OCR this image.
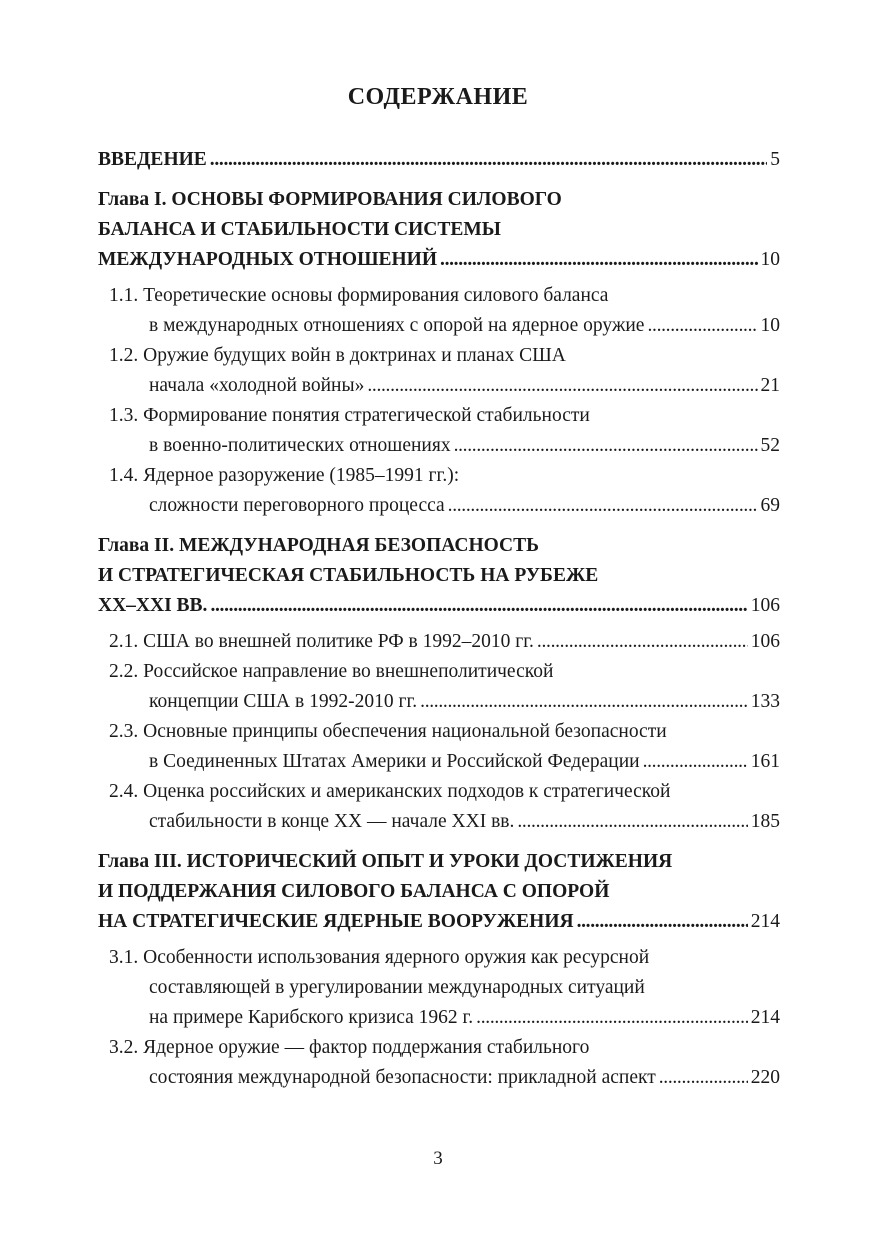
СОДЕРЖАНИЕ
ВВЕДЕНИЕ . . .	5
Глава I. ОСНОВЫ ФОРМИРОВАНИЯ СИЛОВОГО
БАЛАНСА И СТАБИЛЬНОСТИ СИСТЕМЫ
МЕЖДУНАРОДНЫХ ОТНОШЕНИЙ . . .	10
1.1. Теоретические основы формирования силового баланса
в международных отношениях с опорой на ядерное оружие . . .	10
1.2. Оружие будущих войн в доктринах и планах США
начала «холодной войны» . . .	21
1.3. Формирование понятия стратегической стабильности
в военно-политических отношениях . . .	52
1.4. Ядерное разоружение (1985–1991 гг.):
сложности переговорного процесса . . .	69
Глава II. МЕЖДУНАРОДНАЯ БЕЗОПАСНОСТЬ
И СТРАТЕГИЧЕСКАЯ СТАБИЛЬНОСТЬ НА РУБЕЖЕ
XX–XXI ВВ. . . .	106
2.1. США во внешней политике РФ в 1992–2010 гг. . . .	106
2.2. Российское направление во внешнеполитической
концепции США в 1992-2010 гг. . . .	133
2.3. Основные принципы обеспечения национальной безопасности
в Соединенных Штатах Америки и Российской Федерации . . .	161
2.4. Оценка российских и американских подходов к стратегической
стабильности в конце XX — начале XXI вв. . . .	185
Глава III. ИСТОРИЧЕСКИЙ ОПЫТ И УРОКИ ДОСТИЖЕНИЯ
И ПОДДЕРЖАНИЯ СИЛОВОГО БАЛАНСА С ОПОРОЙ
НА СТРАТЕГИЧЕСКИЕ ЯДЕРНЫЕ ВООРУЖЕНИЯ . . .	214
3.1. Особенности использования ядерного оружия как ресурсной
составляющей в урегулировании международных ситуаций
на примере Карибского кризиса 1962 г. . . .	214
3.2. Ядерное оружие — фактор поддержания стабильного
состояния международной безопасности: прикладной аспект . . .	220
3
